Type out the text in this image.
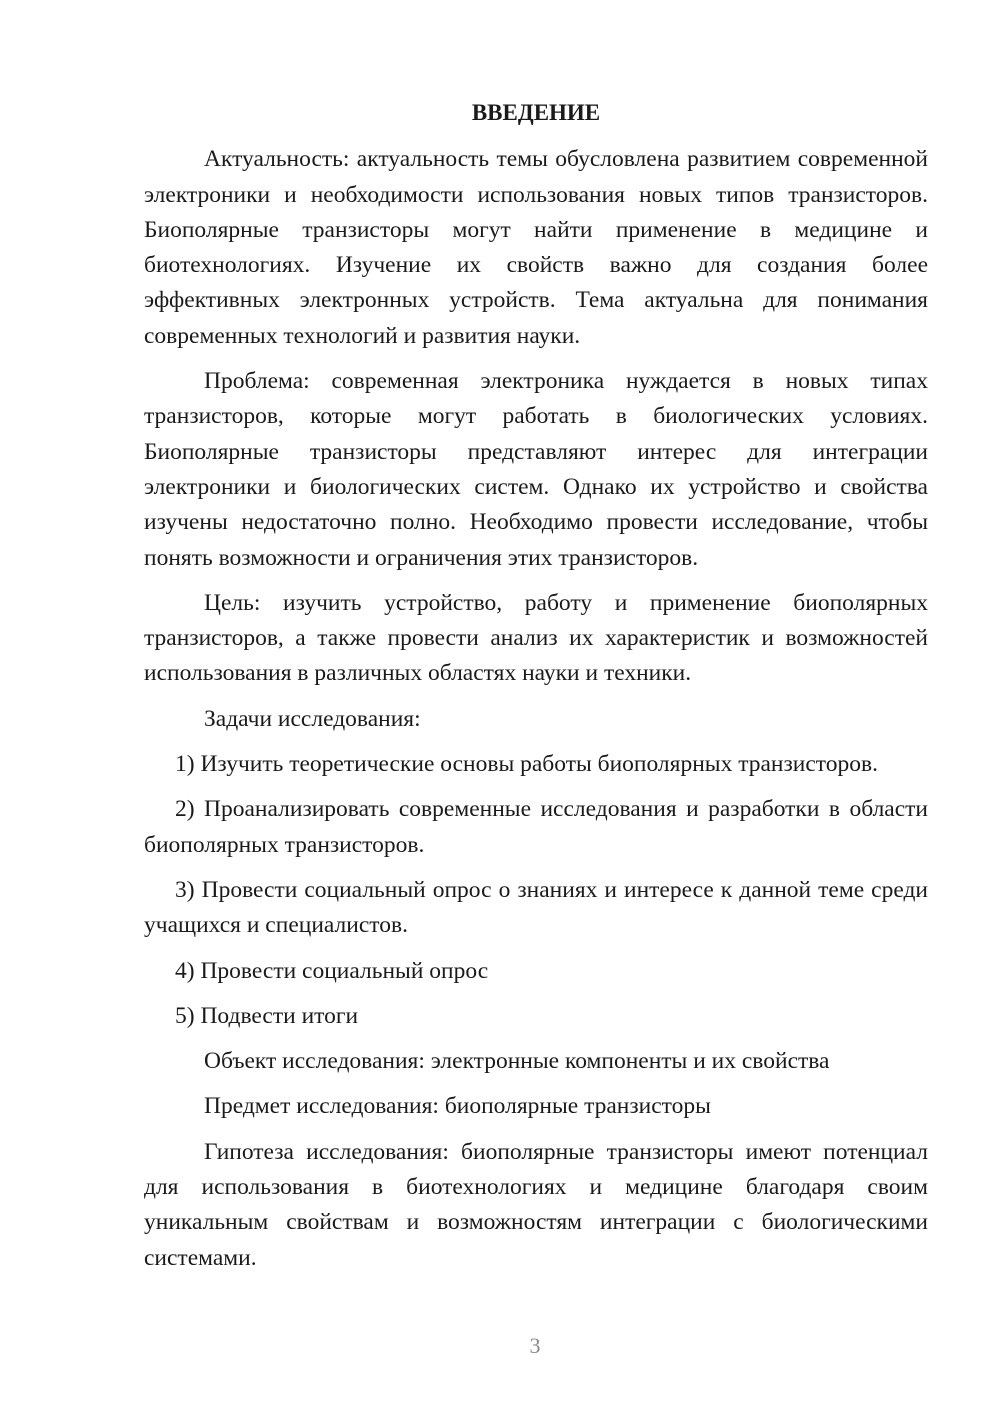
ВВЕДЕНИЕ

Актуальность: актуальность темы обусловлена развитием современной электроники и необходимости использования новых типов транзисторов. Биополярные транзисторы могут найти применение в медицине и биотехнологиях. Изучение их свойств важно для создания более эффективных электронных устройств. Тема актуальна для понимания современных технологий и развития науки.

Проблема: современная электроника нуждается в новых типах транзисторов, которые могут работать в биологических условиях. Биополярные транзисторы представляют интерес для интеграции электроники и биологических систем. Однако их устройство и свойства изучены недостаточно полно. Необходимо провести исследование, чтобы понять возможности и ограничения этих транзисторов.

Цель: изучить устройство, работу и применение биополярных транзисторов, а также провести анализ их характеристик и возможностей использования в различных областях науки и техники.

Задачи исследования:

1) Изучить теоретические основы работы биополярных транзисторов.

2) Проанализировать современные исследования и разработки в области биополярных транзисторов.

3) Провести социальный опрос о знаниях и интересе к данной теме среди учащихся и специалистов.

4) Провести социальный опрос

5) Подвести итоги

Объект исследования: электронные компоненты и их свойства

Предмет исследования: биополярные транзисторы

Гипотеза исследования: биополярные транзисторы имеют потенциал для использования в биотехнологиях и медицине благодаря своим уникальным свойствам и возможностям интеграции с биологическими системами.

3
